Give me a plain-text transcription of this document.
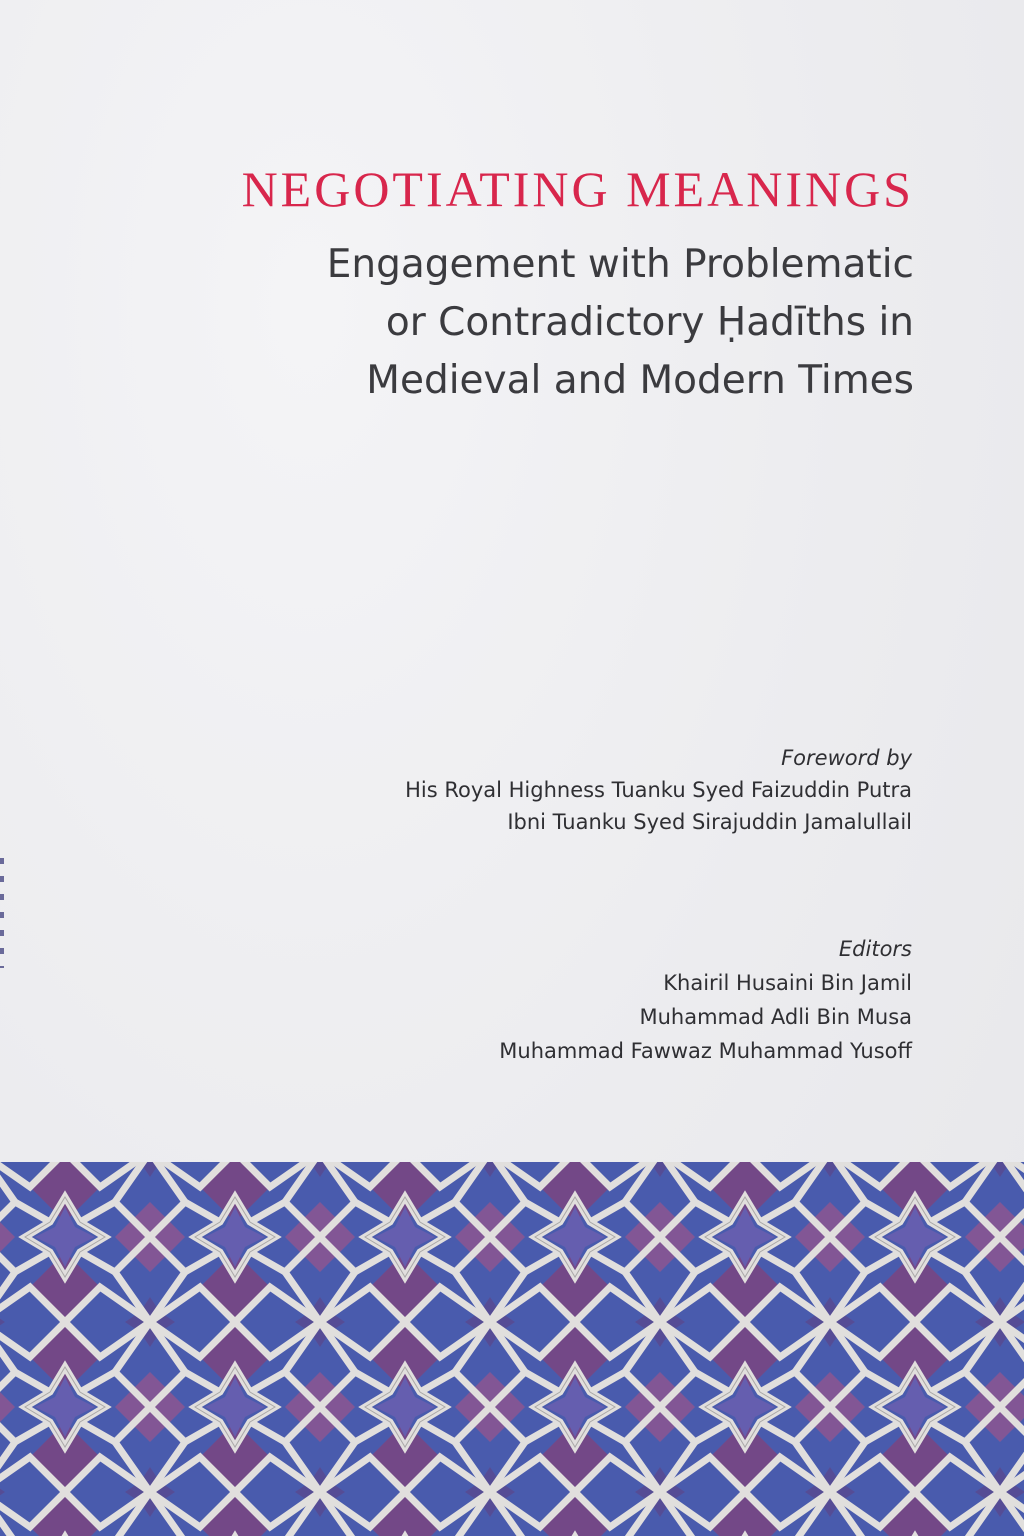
NEGOTIATING MEANINGS
Engagement with Problematic
or Contradictory Ḥadīths in
Medieval and Modern Times
Foreword by
His Royal Highness Tuanku Syed Faizuddin Putra
Ibni Tuanku Syed Sirajuddin Jamalullail
Editors
Khairil Husaini Bin Jamil
Muhammad Adli Bin Musa
Muhammad Fawwaz Muhammad Yusoff
